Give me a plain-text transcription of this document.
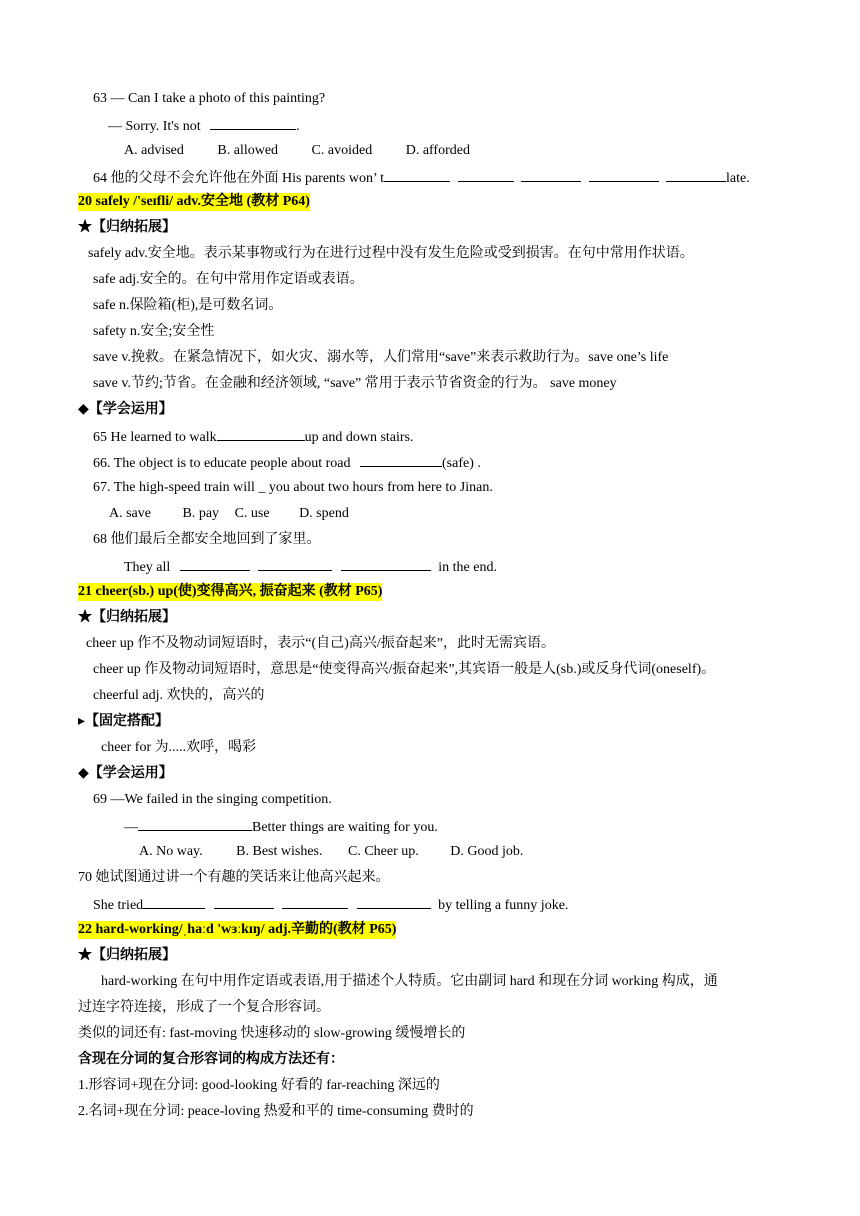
63 — Can I take a photo of this painting?
— Sorry. It's not	.
A. advised B. allowed C. avoided D. afforded
64 他的父母不会允许他在外面 His parents won’ t	late.
20 safely /'seɪfli/ adv.安全地 (教材 P64)
★【归纳拓展】
safely adv.安全地。表示某事物或行为在进行过程中没有发生危险或受到损害。在句中常用作状语。
safe adj.安全的。在句中常用作定语或表语。
safe n.保险箱(柜),是可数名词。
safety n.安全;安全性
save v.挽救。在紧急情况下，如火灾、溺水等，人们常用“save”来表示救助行为。save one’s life
save v.节约;节省。在金融和经济领域, “save” 常用于表示节省资金的行为。 save money
◆【学会运用】
65 He learned to walk	up and down stairs.
66. The object is to educate people about road	(safe) .
67. The high-speed train will _ you about two hours from here to Jinan.
A. save B. pay C. use D. spend
68 他们最后全都安全地回到了家里。
They all	in the end.
21 cheer(sb.) up(使)变得高兴, 振奋起来 (教材 P65)
★【归纳拓展】
cheer up 作不及物动词短语时，表示“(自己)高兴/振奋起来”，此时无需宾语。
cheer up 作及物动词短语时，意思是“使变得高兴/振奋起来”,其宾语一般是人(sb.)或反身代词(oneself)。
cheerful adj. 欢快的，高兴的
▸【固定搭配】
cheer for 为.....欢呼，喝彩
◆【学会运用】
69 —We failed in the singing competition.
—	Better things are waiting for you.
A. No way. B. Best wishes. C. Cheer up. D. Good job.
70 她试图通过讲一个有趣的笑话来让他高兴起来。
She tried	by telling a funny joke.
22 hard-working/ˌhaːd 'wɜːkɪŋ/ adj.辛勤的(教材 P65)
★【归纳拓展】
hard-working 在句中用作定语或表语,用于描述个人特质。它由副词 hard 和现在分词 working 构成，通
过连字符连接，形成了一个复合形容词。
类似的词还有: fast-moving 快速移动的 slow-growing 缓慢增长的
含现在分词的复合形容词的构成方法还有：
1.形容词+现在分词: good-looking 好看的 far-reaching 深远的
2.名词+现在分词: peace-loving 热爱和平的 time-consuming 费时的
